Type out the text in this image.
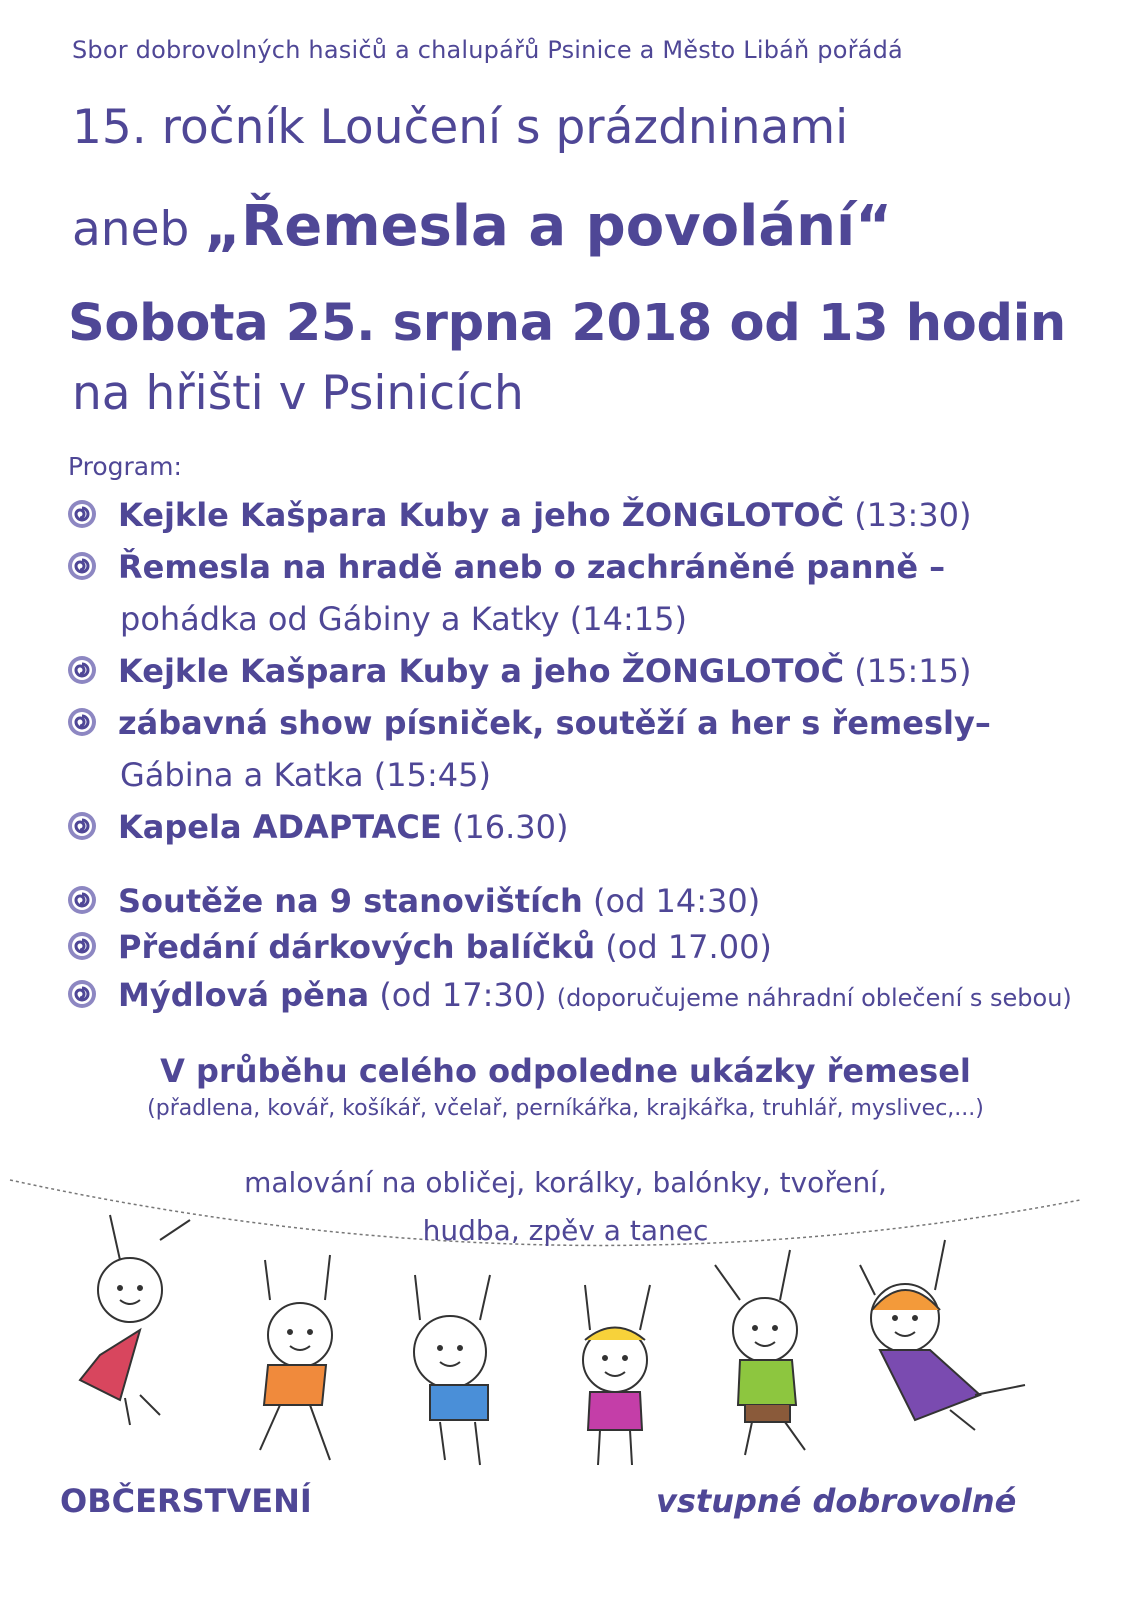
Sbor dobrovolných hasičů a chalupářů Psinice a Město Libáň pořádá
15. ročník Loučení s prázdninami
aneb „Řemesla a povolání“
Sobota 25. srpna 2018 od 13 hodin
na hřišti v Psinicích
Program:
Kejkle Kašpara Kuby a jeho ŽONGLOTOČ (13:30)
Řemesla na hradě aneb o zachráněné panně –
pohádka od Gábiny a Katky (14:15)
Kejkle Kašpara Kuby a jeho ŽONGLOTOČ (15:15)
zábavná show písniček, soutěží a her s řemesly–
Gábina a Katka (15:45)
Kapela ADAPTACE (16.30)
Soutěže na 9 stanovištích (od 14:30)
Předání dárkových balíčků (od 17.00)
Mýdlová pěna (od 17:30) (doporučujeme náhradní oblečení s sebou)
V průběhu celého odpoledne ukázky řemesel
(přadlena, kovář, košíkář, včelař, perníkářka, krajkářka, truhlář, myslivec,...)
malování na obličej, korálky, balónky, tvoření,
hudba, zpěv a tanec
OBČERSTVENÍ	vstupné dobrovolné
